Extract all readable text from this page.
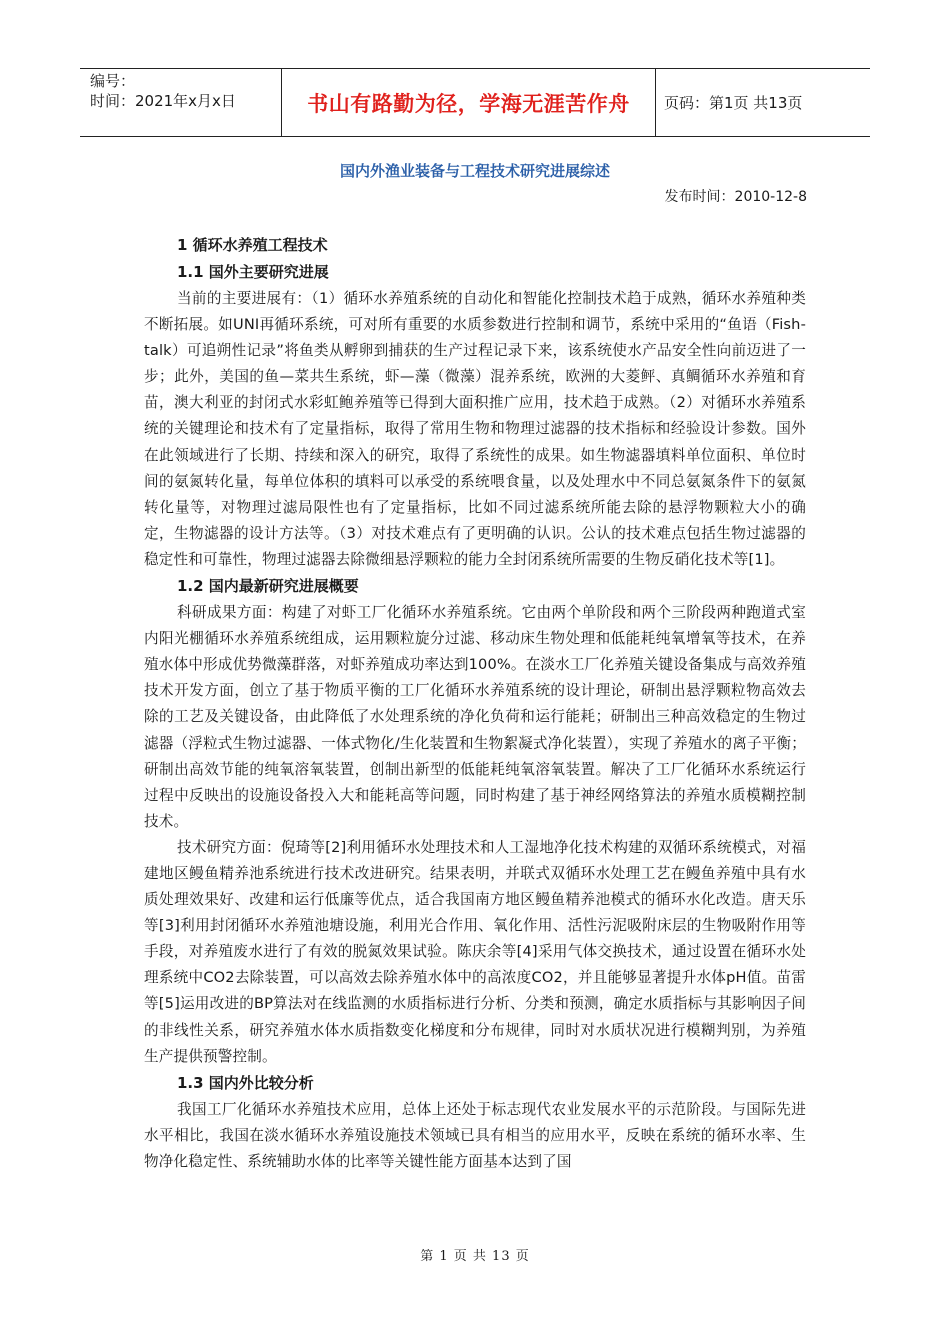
编号：
时间：2021年x月x日	书山有路勤为径，学海无涯苦作舟	页码：第1页 共13页
国内外渔业装备与工程技术研究进展综述
发布时间：2010-12-8
1 循环水养殖工程技术
1.1 国外主要研究进展

当前的主要进展有：（1）循环水养殖系统的自动化和智能化控制技术趋于成熟，循环水养殖种类不断拓展。如UNI再循环系统，可对所有重要的水质参数进行控制和调节，系统中采用的“鱼语（Fish-talk）可追朔性记录”将鱼类从孵卵到捕获的生产过程记录下来，该系统使水产品安全性向前迈进了一步；此外，美国的鱼—菜共生系统，虾—藻（微藻）混养系统，欧洲的大菱鲆、真鲷循环水养殖和育苗，澳大利亚的封闭式水彩虹鲍养殖等已得到大面积推广应用，技术趋于成熟。（2）对循环水养殖系统的关键理论和技术有了定量指标，取得了常用生物和物理过滤器的技术指标和经验设计参数。国外在此领域进行了长期、持续和深入的研究，取得了系统性的成果。如生物滤器填料单位面积、单位时间的氨氮转化量，每单位体积的填料可以承受的系统喂食量，以及处理水中不同总氨氮条件下的氨氮转化量等，对物理过滤局限性也有了定量指标，比如不同过滤系统所能去除的悬浮物颗粒大小的确定，生物滤器的设计方法等。（3）对技术难点有了更明确的认识。公认的技术难点包括生物过滤器的稳定性和可靠性，物理过滤器去除微细悬浮颗粒的能力全封闭系统所需要的生物反硝化技术等[1]。

1.2 国内最新研究进展概要

科研成果方面：构建了对虾工厂化循环水养殖系统。它由两个单阶段和两个三阶段两种跑道式室内阳光棚循环水养殖系统组成，运用颗粒旋分过滤、移动床生物处理和低能耗纯氧增氧等技术，在养殖水体中形成优势微藻群落，对虾养殖成功率达到100%。在淡水工厂化养殖关键设备集成与高效养殖技术开发方面，创立了基于物质平衡的工厂化循环水养殖系统的设计理论，研制出悬浮颗粒物高效去除的工艺及关键设备，由此降低了水处理系统的净化负荷和运行能耗；研制出三种高效稳定的生物过滤器（浮粒式生物过滤器、一体式物化/生化装置和生物絮凝式净化装置），实现了养殖水的离子平衡；研制出高效节能的纯氧溶氧装置，创制出新型的低能耗纯氧溶氧装置。解决了工厂化循环水系统运行过程中反映出的设施设备投入大和能耗高等问题，同时构建了基于神经网络算法的养殖水质模糊控制技术。

技术研究方面：倪琦等[2]利用循环水处理技术和人工湿地净化技术构建的双循环系统模式，对福建地区鳗鱼精养池系统进行技术改进研究。结果表明，并联式双循环水处理工艺在鳗鱼养殖中具有水质处理效果好、改建和运行低廉等优点，适合我国南方地区鳗鱼精养池模式的循环水化改造。唐天乐等[3]利用封闭循环水养殖池塘设施，利用光合作用、氧化作用、活性污泥吸附床层的生物吸附作用等手段，对养殖废水进行了有效的脱氮效果试验。陈庆余等[4]采用气体交换技术，通过设置在循环水处理系统中CO2去除装置，可以高效去除养殖水体中的高浓度CO2，并且能够显著提升水体pH值。苗雷等[5]运用改进的BP算法对在线监测的水质指标进行分析、分类和预测，确定水质指标与其影响因子间的非线性关系，研究养殖水体水质指数变化梯度和分布规律，同时对水质状况进行模糊判别，为养殖生产提供预警控制。

1.3 国内外比较分析

我国工厂化循环水养殖技术应用，总体上还处于标志现代农业发展水平的示范阶段。与国际先进水平相比，我国在淡水循环水养殖设施技术领域已具有相当的应用水平，反映在系统的循环水率、生物净化稳定性、系统辅助水体的比率等关键性能方面基本达到了国

第 1 页 共 13 页
